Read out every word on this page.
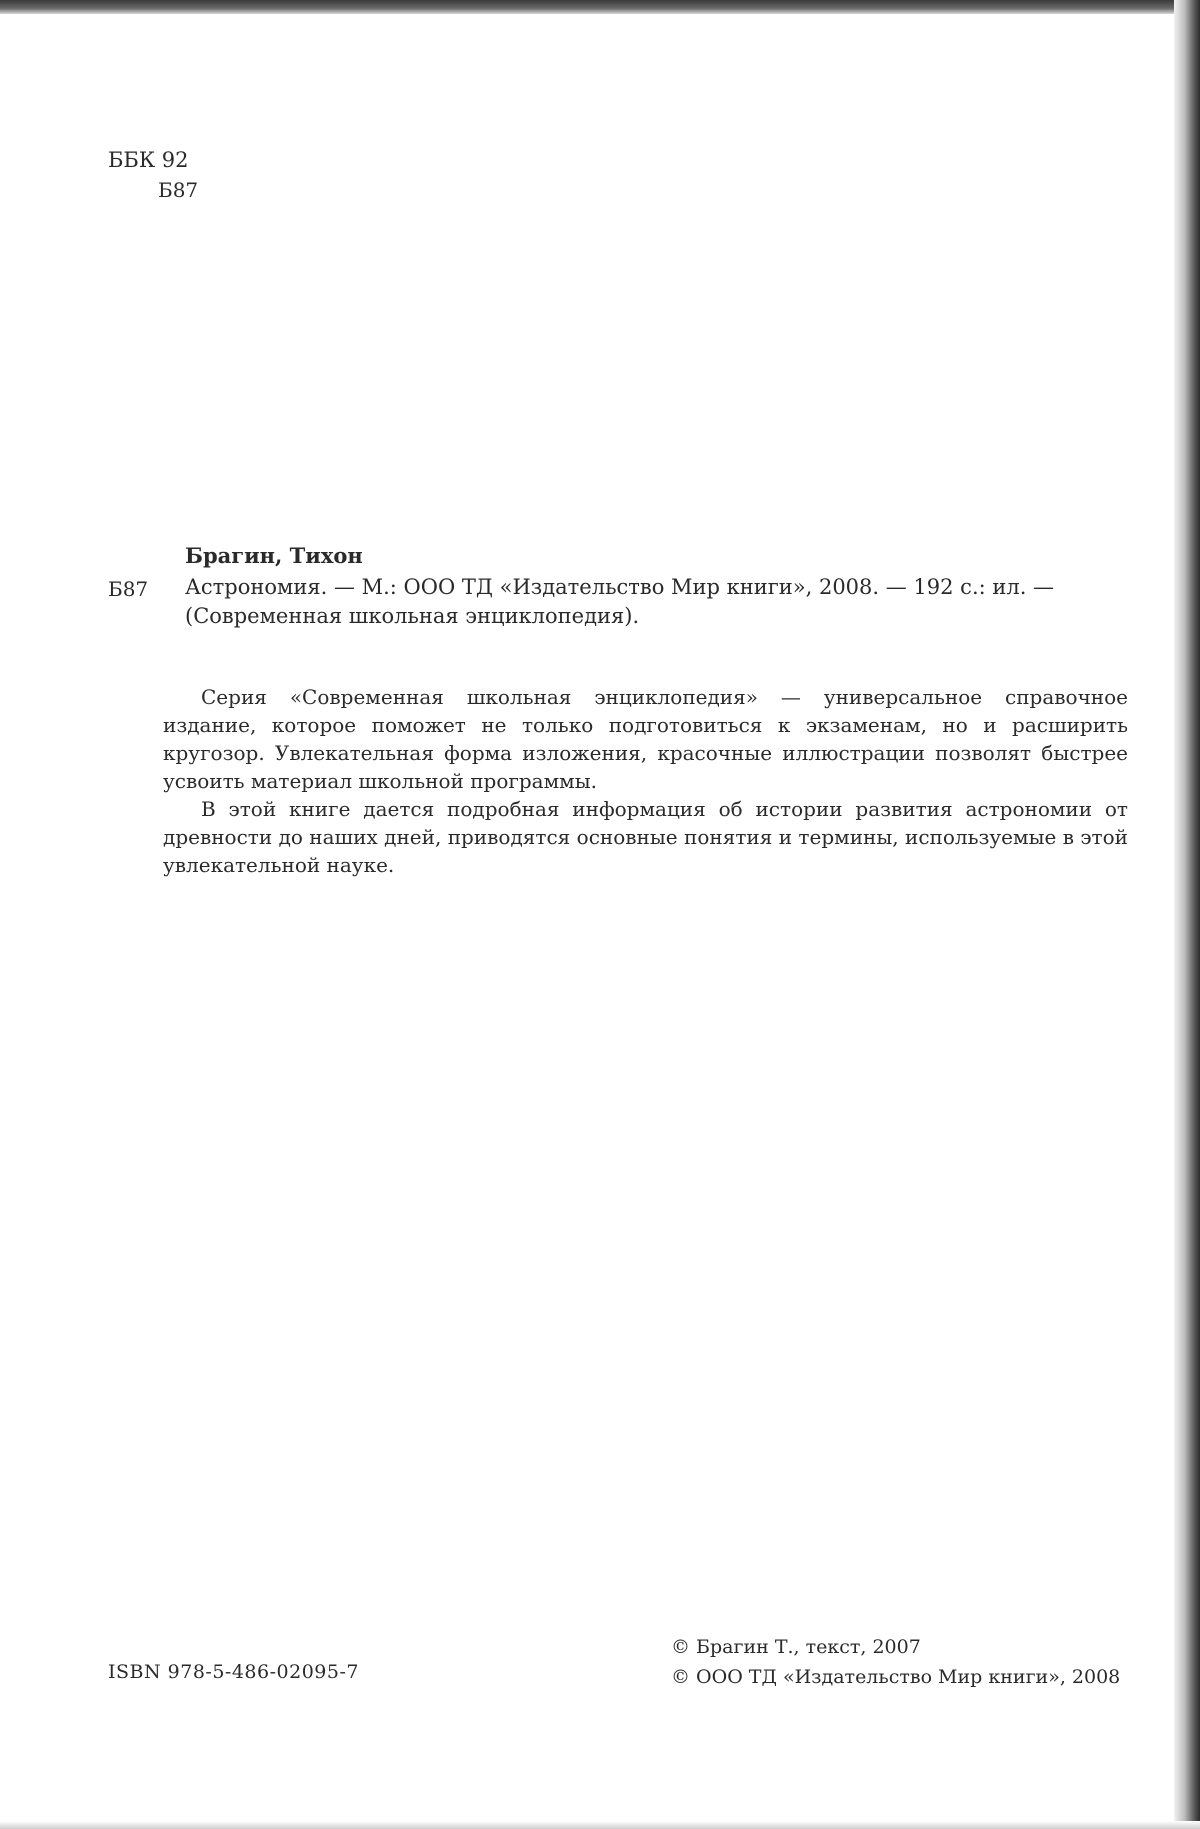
ББК 92
Б87
Брагин, Тихон
Б87 Астрономия. — М.: ООО ТД «Издательство Мир книги», 2008. — 192 с.: ил. —
(Современная школьная энциклопедия).

Серия «Современная школьная энциклопедия» — универсальное справочное издание, которое поможет не только подготовиться к экзаменам, но и расширить кругозор. Увлекательная форма изложения, красочные иллюстрации позволят быстрее усвоить материал школьной программы.

В этой книге дается подробная информация об истории развития астрономии от древности до наших дней, приводятся основные понятия и термины, используемые в этой увлекательной науке.

ISBN 978-5-486-02095-7
© Брагин Т., текст, 2007
© ООО ТД «Издательство Мир книги», 2008
